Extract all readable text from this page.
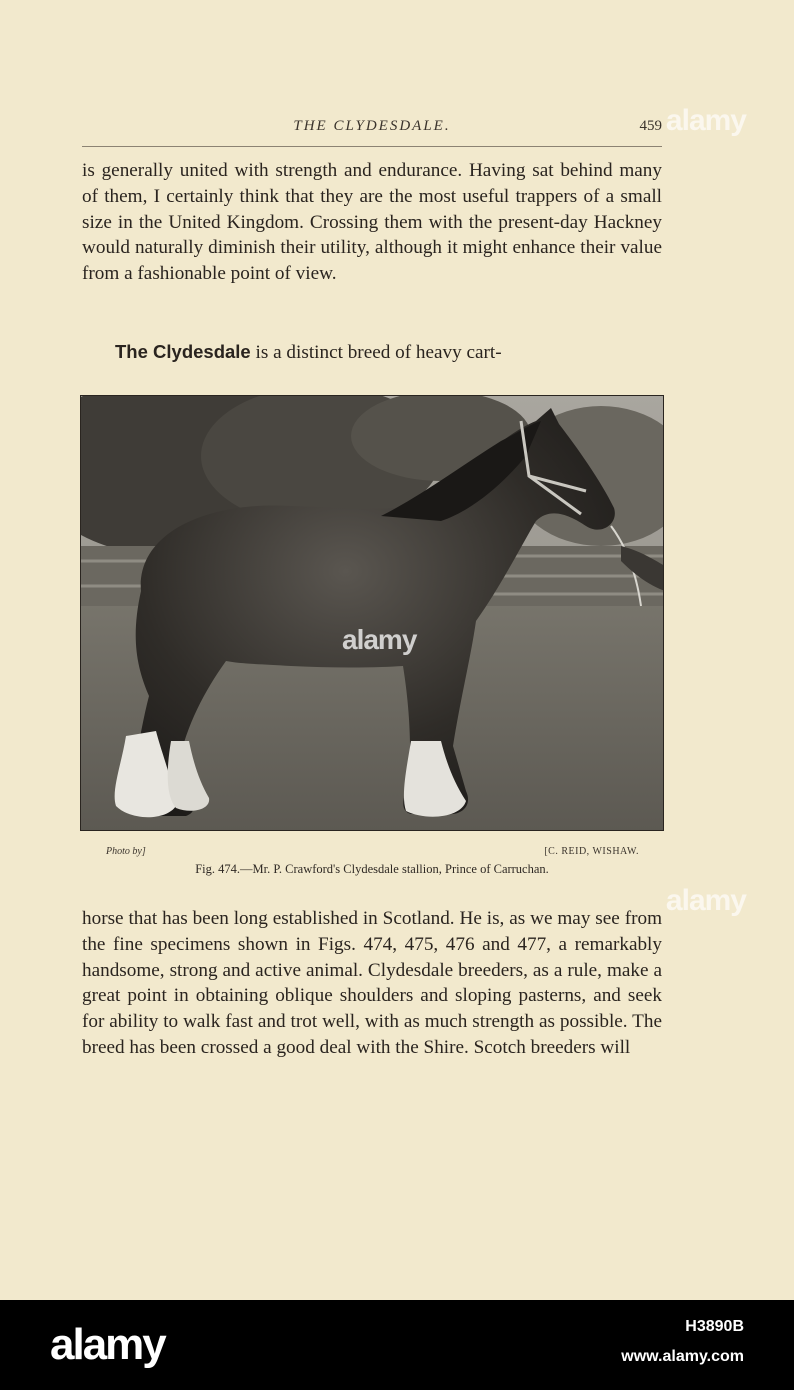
THE CLYDESDALE.	459
is generally united with strength and endurance. Having sat behind many of them, I certainly think that they are the most useful trappers of a small size in the United Kingdom. Crossing them with the present-day Hackney would naturally diminish their utility, although it might enhance their value from a fashionable point of view.
The Clydesdale is a distinct breed of heavy cart-
Photo by]	[C. REID, WISHAW.
Fig. 474.—Mr. P. Crawford's Clydesdale stallion, Prince of Carruchan.
horse that has been long established in Scotland. He is, as we may see from the fine specimens shown in Figs. 474, 475, 476 and 477, a remarkably handsome, strong and active animal. Clydesdale breeders, as a rule, make a great point in obtaining oblique shoulders and sloping pasterns, and seek for ability to walk fast and trot well, with as much strength as possible. The breed has been crossed a good deal with the Shire. Scotch breeders will
alamy
alamy
alamy
alamy	H3890B
www.alamy.com
